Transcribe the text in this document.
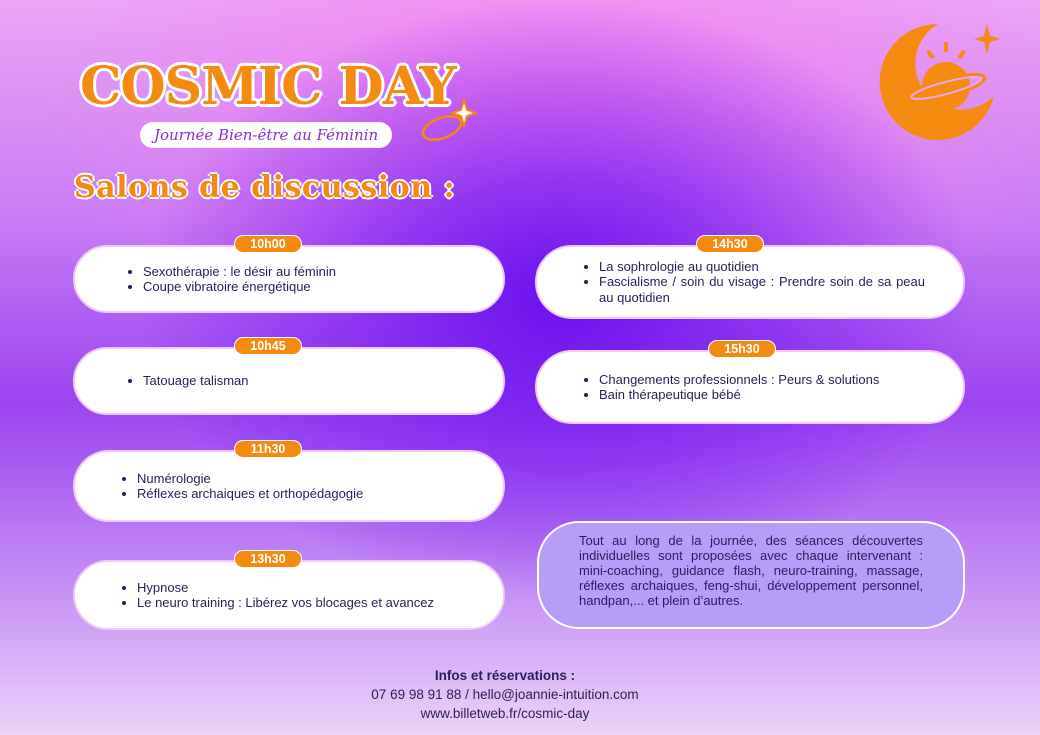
COSMIC DAY
Journée Bien-être au Féminin
Salons de discussion :
• Sexothérapie : le désir au féminin
• Coupe vibratoire énergétique
10h00
• Tatouage talisman
10h45
• Numérologie
• Réflexes archaiques et orthopédagogie
11h30
• Hypnose
• Le neuro training : Libérez vos blocages et avancez
13h30
• La sophrologie au quotidien
• Fascialisme / soin du visage : Prendre soin de sa peau au quotidien
14h30
• Changements professionnels : Peurs & solutions
• Bain thérapeutique bébé
15h30
Tout au long de la journée, des séances découvertes individuelles sont proposées avec chaque intervenant : mini-coaching, guidance flash, neuro-training, massage, réflexes archaiques, feng-shui, développement personnel, handpan,... et plein d’autres.
Infos et réservations :
07 69 98 91 88 / hello@joannie-intuition.com
www.billetweb.fr/cosmic-day
